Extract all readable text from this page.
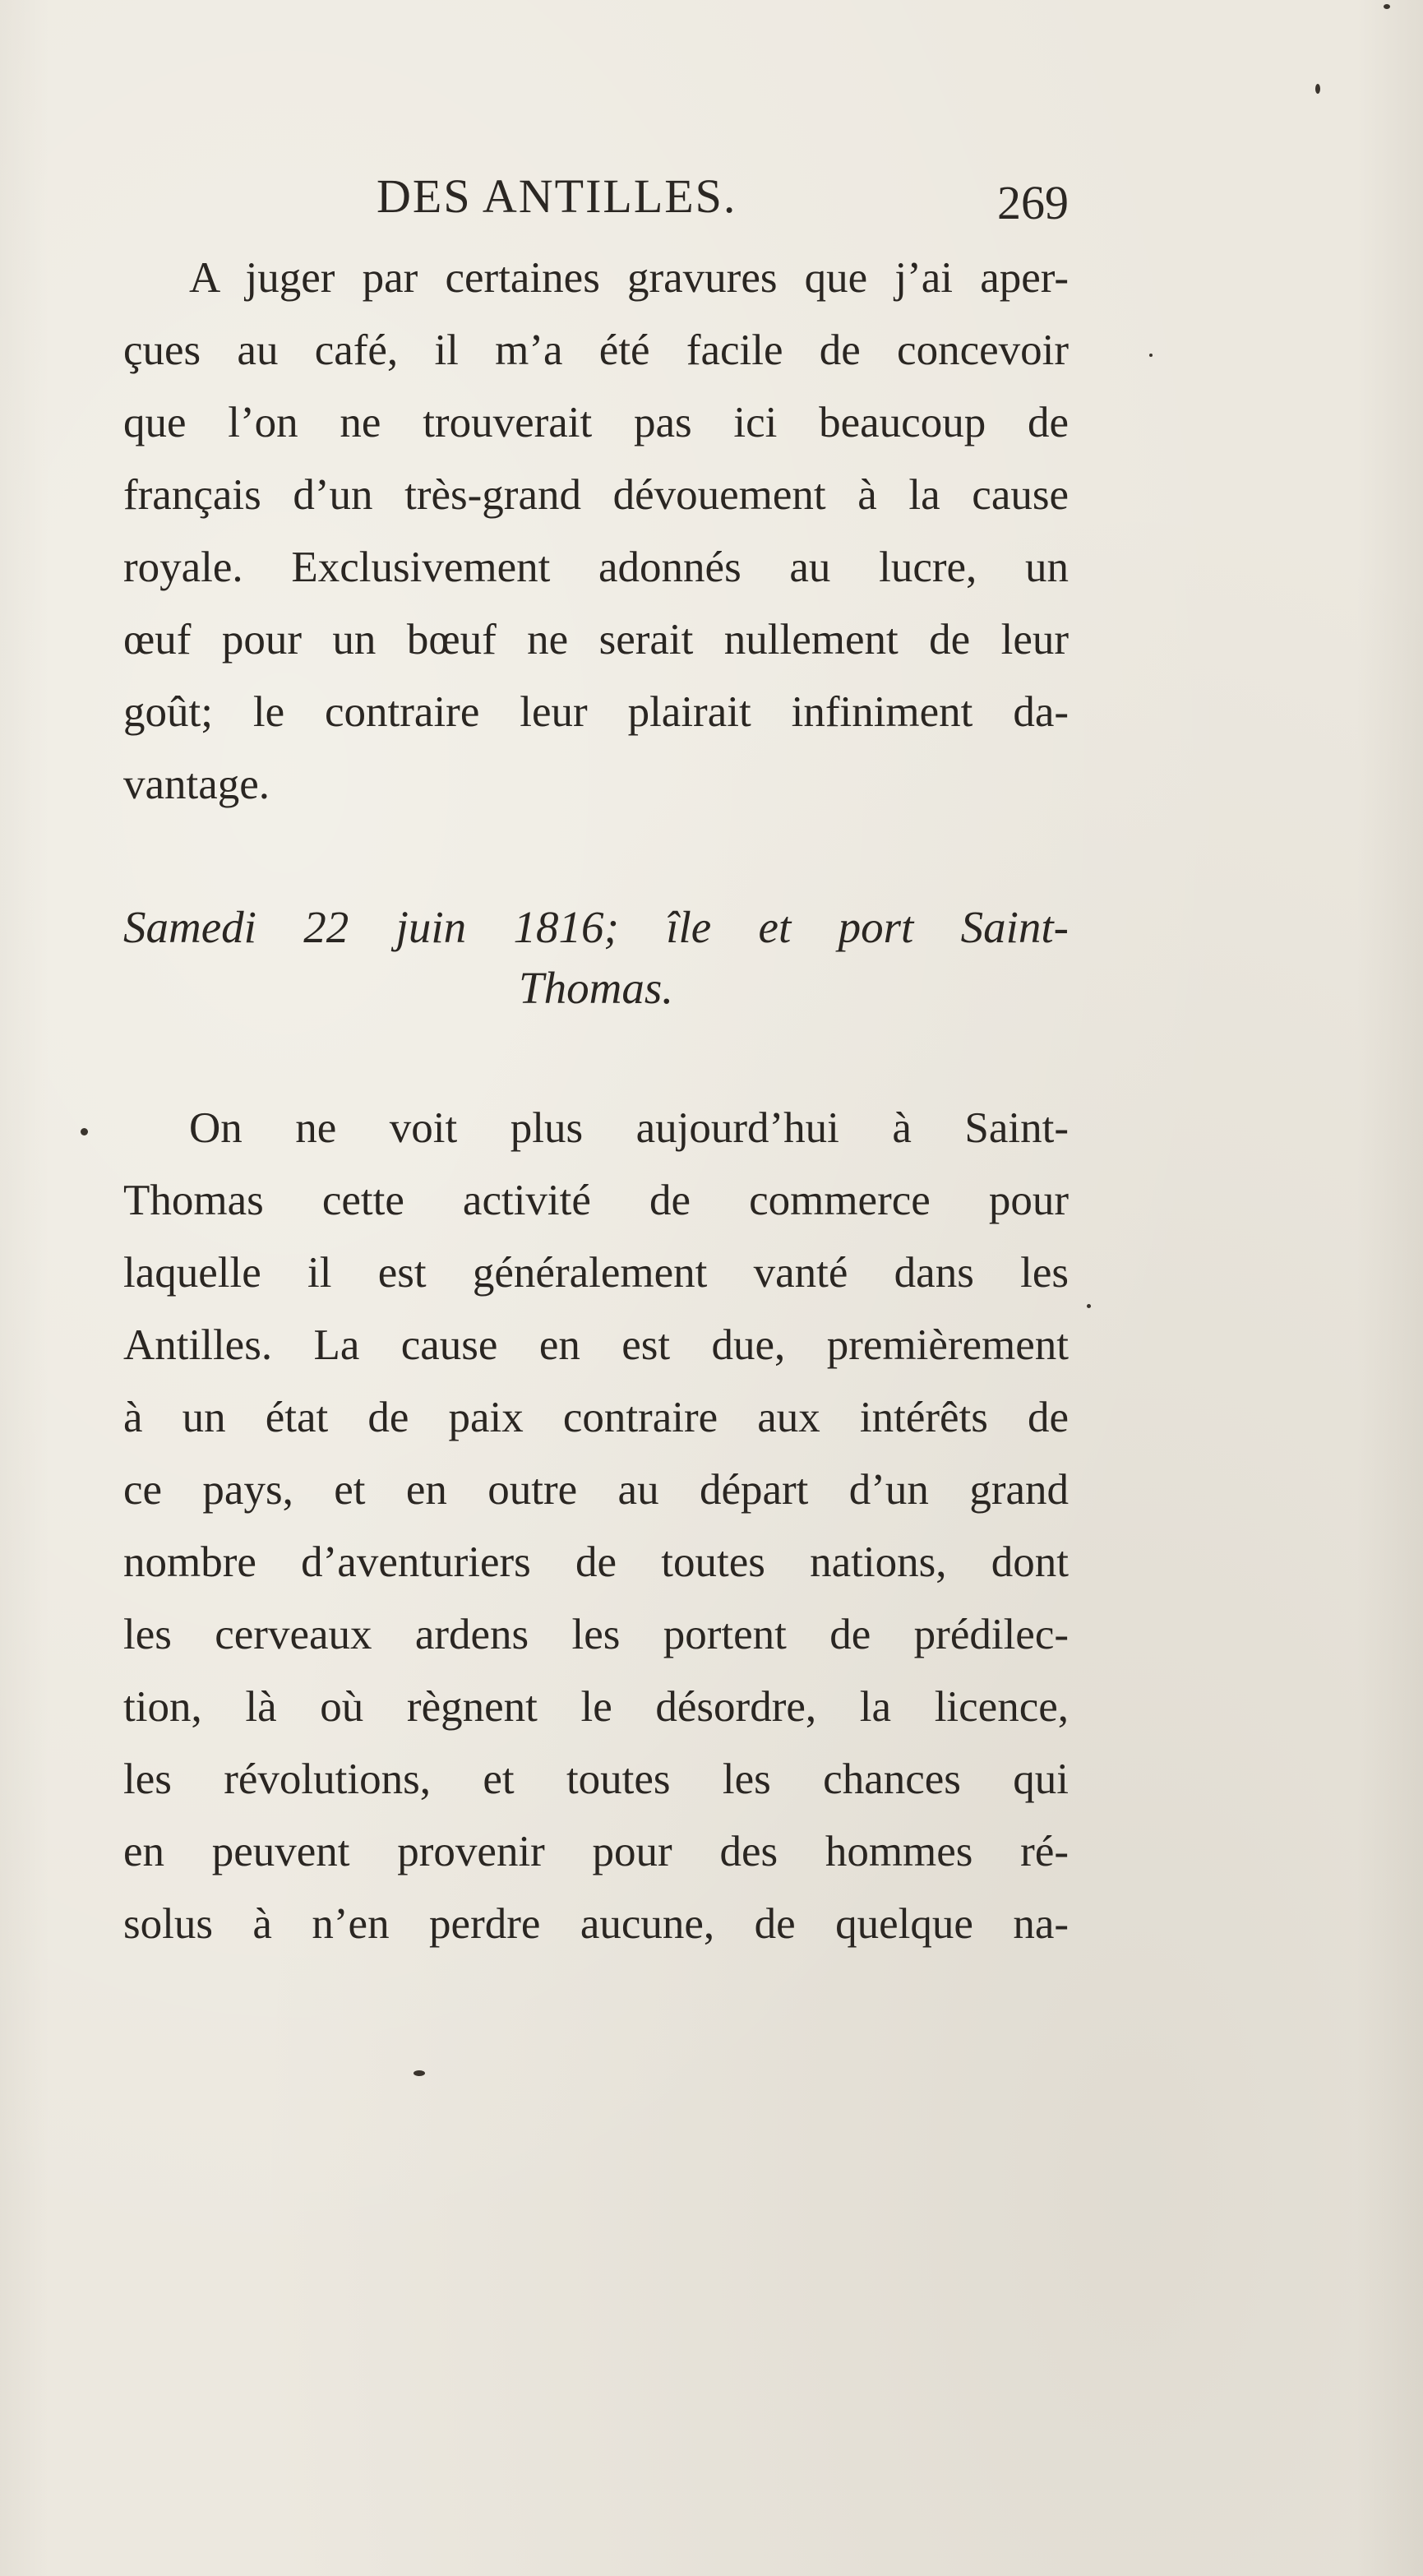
DES ANTILLES.	269
A juger par certaines gravures que j’ai aper-
çues au café, il m’a été facile de concevoir
que l’on ne trouverait pas ici beaucoup de
français d’un très-grand dévouement à la cause
royale. Exclusivement adonnés au lucre, un
œuf pour un bœuf ne serait nullement de leur
goût; le contraire leur plairait infiniment da-
vantage.
Samedi 22 juin 1816; île et port Saint-
Thomas.
On ne voit plus aujourd’hui à Saint-
Thomas cette activité de commerce pour
laquelle il est généralement vanté dans les
Antilles. La cause en est due, premièrement
à un état de paix contraire aux intérêts de
ce pays, et en outre au départ d’un grand
nombre d’aventuriers de toutes nations, dont
les cerveaux ardens les portent de prédilec-
tion, là où règnent le désordre, la licence,
les révolutions, et toutes les chances qui
en peuvent provenir pour des hommes ré-
solus à n’en perdre aucune, de quelque na-
